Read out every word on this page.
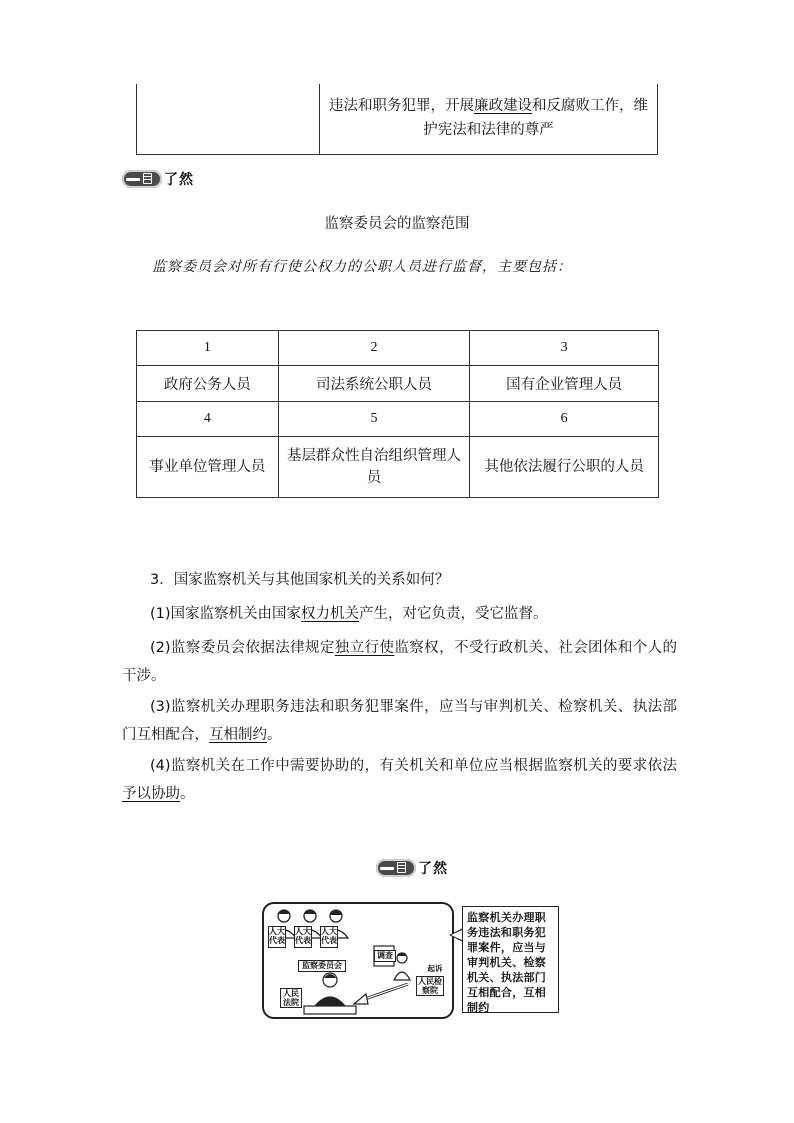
违法和职务犯罪，开展廉政建设和反腐败工作，维护宪法和法律的尊严
了然
监察委员会的监察范围
监察委员会对所有行使公权力的公职人员进行监督，主要包括：
1	2	3
政府公务人员	司法系统公职人员	国有企业管理人员
4	5	6
事业单位管理人员	基层群众性自治组织管理人员	其他依法履行公职的人员
3．国家监察机关与其他国家机关的关系如何？
(1)国家监察机关由国家权力机关产生，对它负责，受它监督。
(2)监察委员会依据法律规定独立行使监察权，不受行政机关、社会团体和个人的干涉。
(3)监察机关办理职务违法和职务犯罪案件，应当与审判机关、检察机关、执法部门互相配合，互相制约。
(4)监察机关在工作中需要协助的，有关机关和单位应当根据监察机关的要求依法予以协助。
了然
人大代表
人大代表
人大代表
监察委员会
调查
起诉
人民检察院
人民法院
监察机关办理职务违法和职务犯罪案件，应当与审判机关、检察机关、执法部门互相配合，互相制约
